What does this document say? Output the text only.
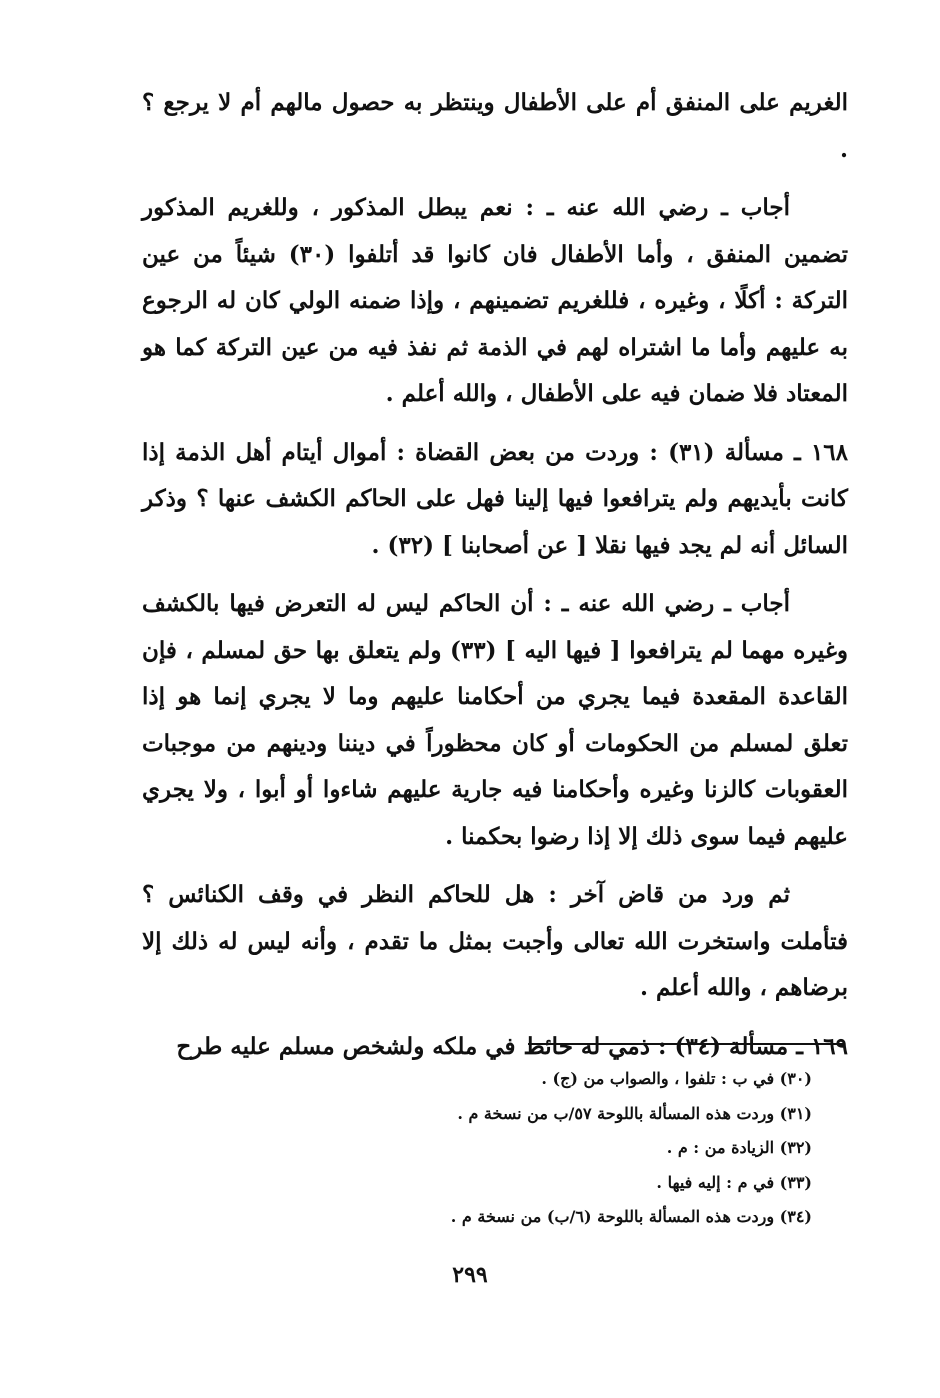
الغريم على المنفق أم على الأطفال وينتظر به حصول مالهم أم لا يرجع ؟ .

أجاب ـ رضي الله عنه ـ : نعم يبطل المذكور ، وللغريم المذكور تضمين المنفق ، وأما الأطفال فان كانوا قد أتلفوا (٣٠) شيئاً من عين التركة : أكلًا ، وغيره ، فللغريم تضمينهم ، وإذا ضمنه الولي كان له الرجوع به عليهم وأما ما اشتراه لهم في الذمة ثم نفذ فيه من عين التركة كما هو المعتاد فلا ضمان فيه على الأطفال ، والله أعلم .

١٦٨ ـ مسألة (٣١) : وردت من بعض القضاة : أموال أيتام أهل الذمة إذا كانت بأيديهم ولم يترافعوا فيها إلينا فهل على الحاكم الكشف عنها ؟ وذكر السائل أنه لم يجد فيها نقلا [ عن أصحابنا ] (٣٢) .

أجاب ـ رضي الله عنه ـ : أن الحاكم ليس له التعرض فيها بالكشف وغيره مهما لم يترافعوا [ فيها اليه ] (٣٣) ولم يتعلق بها حق لمسلم ، فإن القاعدة المقعدة فيما يجري من أحكامنا عليهم وما لا يجري إنما هو إذا تعلق لمسلم من الحكومات أو كان محظوراً في ديننا ودينهم من موجبات العقوبات كالزنا وغيره وأحكامنا فيه جارية عليهم شاءوا أو أبوا ، ولا يجري عليهم فيما سوى ذلك إلا إذا رضوا بحكمنا .

ثم ورد من قاض آخر : هل للحاكم النظر في وقف الكنائس ؟ فتأملت واستخرت الله تعالى وأجبت بمثل ما تقدم ، وأنه ليس له ذلك إلا برضاهم ، والله أعلم .

١٦٩ ـ مسألة (٣٤) : ذمي له حائط في ملكه ولشخص مسلم عليه طرح

(٣٠) في ب : تلفوا ، والصواب من (ج) .
(٣١) وردت هذه المسألة باللوحة ٥٧/ب من نسخة م .
(٣٢) الزيادة من : م .
(٣٣) في م : إليه فيها .
(٣٤) وردت هذه المسألة باللوحة (٦/ب) من نسخة م .
٢٩٩
